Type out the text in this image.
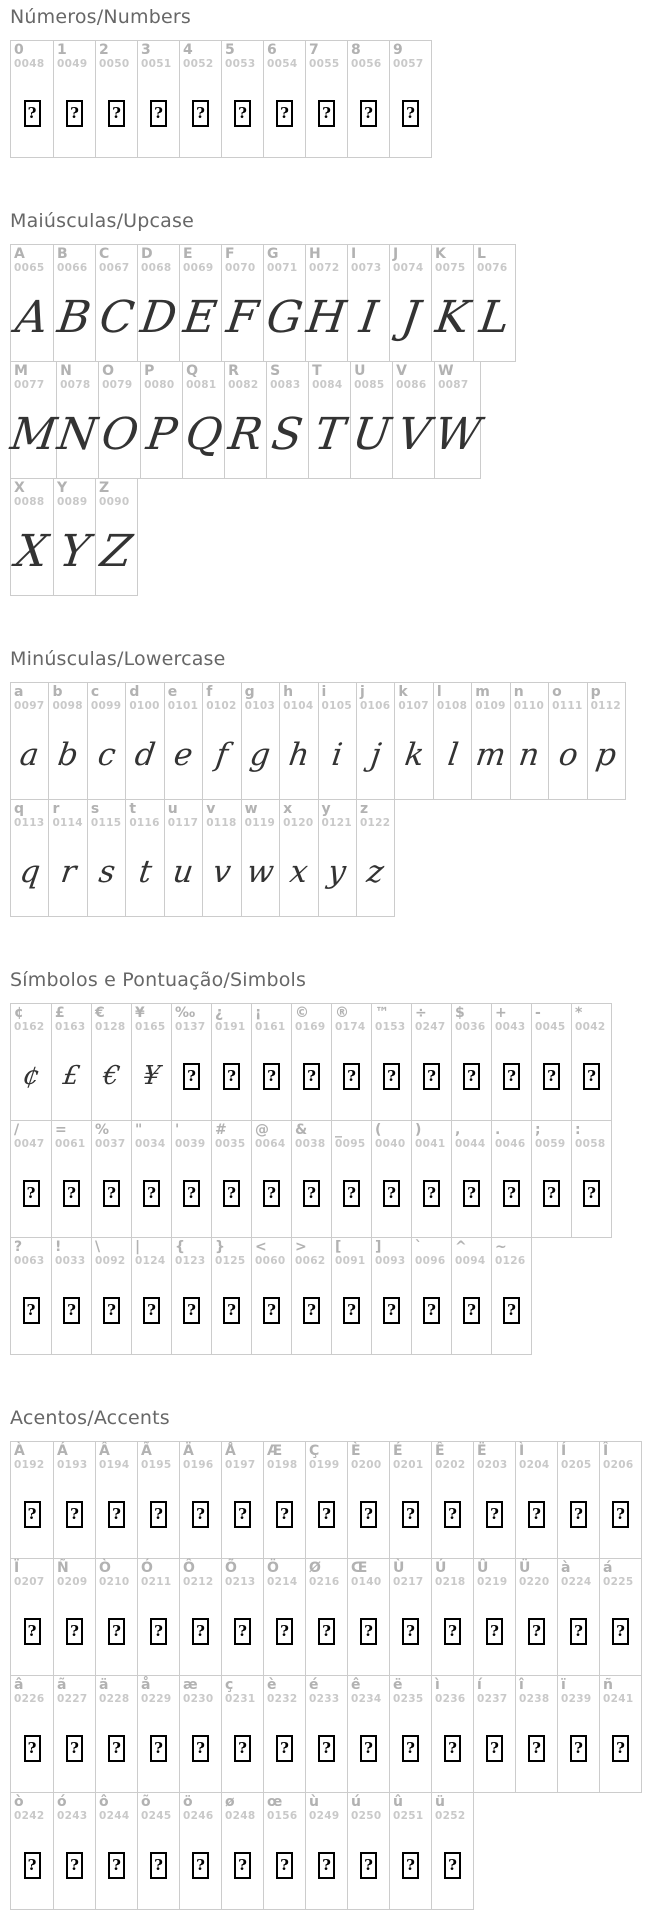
Números/Numbers
0
0048
?
1
0049
?
2
0050
?
3
0051
?
4
0052
?
5
0053
?
6
0054
?
7
0055
?
8
0056
?
9
0057
?
Maiúsculas/Upcase
A
0065
A
B
0066
B
C
0067
C
D
0068
D
E
0069
E
F
0070
F
G
0071
G
H
0072
H
I
0073
I
J
0074
J
K
0075
K
L
0076
L
M
0077
M
N
0078
N
O
0079
O
P
0080
P
Q
0081
Q
R
0082
R
S
0083
S
T
0084
T
U
0085
U
V
0086
V
W
0087
W
X
0088
X
Y
0089
Y
Z
0090
Z
Minúsculas/Lowercase
a
0097
a
b
0098
b
c
0099
c
d
0100
d
e
0101
e
f
0102
f
g
0103
g
h
0104
h
i
0105
i
j
0106
j
k
0107
k
l
0108
l
m
0109
m
n
0110
n
o
0111
o
p
0112
p
q
0113
q
r
0114
r
s
0115
s
t
0116
t
u
0117
u
v
0118
v
w
0119
w
x
0120
x
y
0121
y
z
0122
z
Símbolos e Pontuação/Simbols
¢
0162
¢
£
0163
£
€
0128
€
¥
0165
¥
‰
0137
?
¿
0191
?
¡
0161
?
©
0169
?
®
0174
?
™
0153
?
÷
0247
?
$
0036
?
+
0043
?
-
0045
?
*
0042
?
/
0047
?
=
0061
?
%
0037
?
"
0034
?
'
0039
?
#
0035
?
@
0064
?
&
0038
?
_
0095
?
(
0040
?
)
0041
?
,
0044
?
.
0046
?
;
0059
?
:
0058
?
?
0063
?
!
0033
?
\
0092
?
|
0124
?
{
0123
?
}
0125
?
<
0060
?
>
0062
?
[
0091
?
]
0093
?
`
0096
?
^
0094
?
~
0126
?
Acentos/Accents
À
0192
?
Á
0193
?
Â
0194
?
Ã
0195
?
Ä
0196
?
Å
0197
?
Æ
0198
?
Ç
0199
?
È
0200
?
É
0201
?
Ê
0202
?
Ë
0203
?
Ì
0204
?
Í
0205
?
Î
0206
?
Ï
0207
?
Ñ
0209
?
Ò
0210
?
Ó
0211
?
Ô
0212
?
Õ
0213
?
Ö
0214
?
Ø
0216
?
Œ
0140
?
Ù
0217
?
Ú
0218
?
Û
0219
?
Ü
0220
?
à
0224
?
á
0225
?
â
0226
?
ã
0227
?
ä
0228
?
å
0229
?
æ
0230
?
ç
0231
?
è
0232
?
é
0233
?
ê
0234
?
ë
0235
?
ì
0236
?
í
0237
?
î
0238
?
ï
0239
?
ñ
0241
?
ò
0242
?
ó
0243
?
ô
0244
?
õ
0245
?
ö
0246
?
ø
0248
?
œ
0156
?
ù
0249
?
ú
0250
?
û
0251
?
ü
0252
?
